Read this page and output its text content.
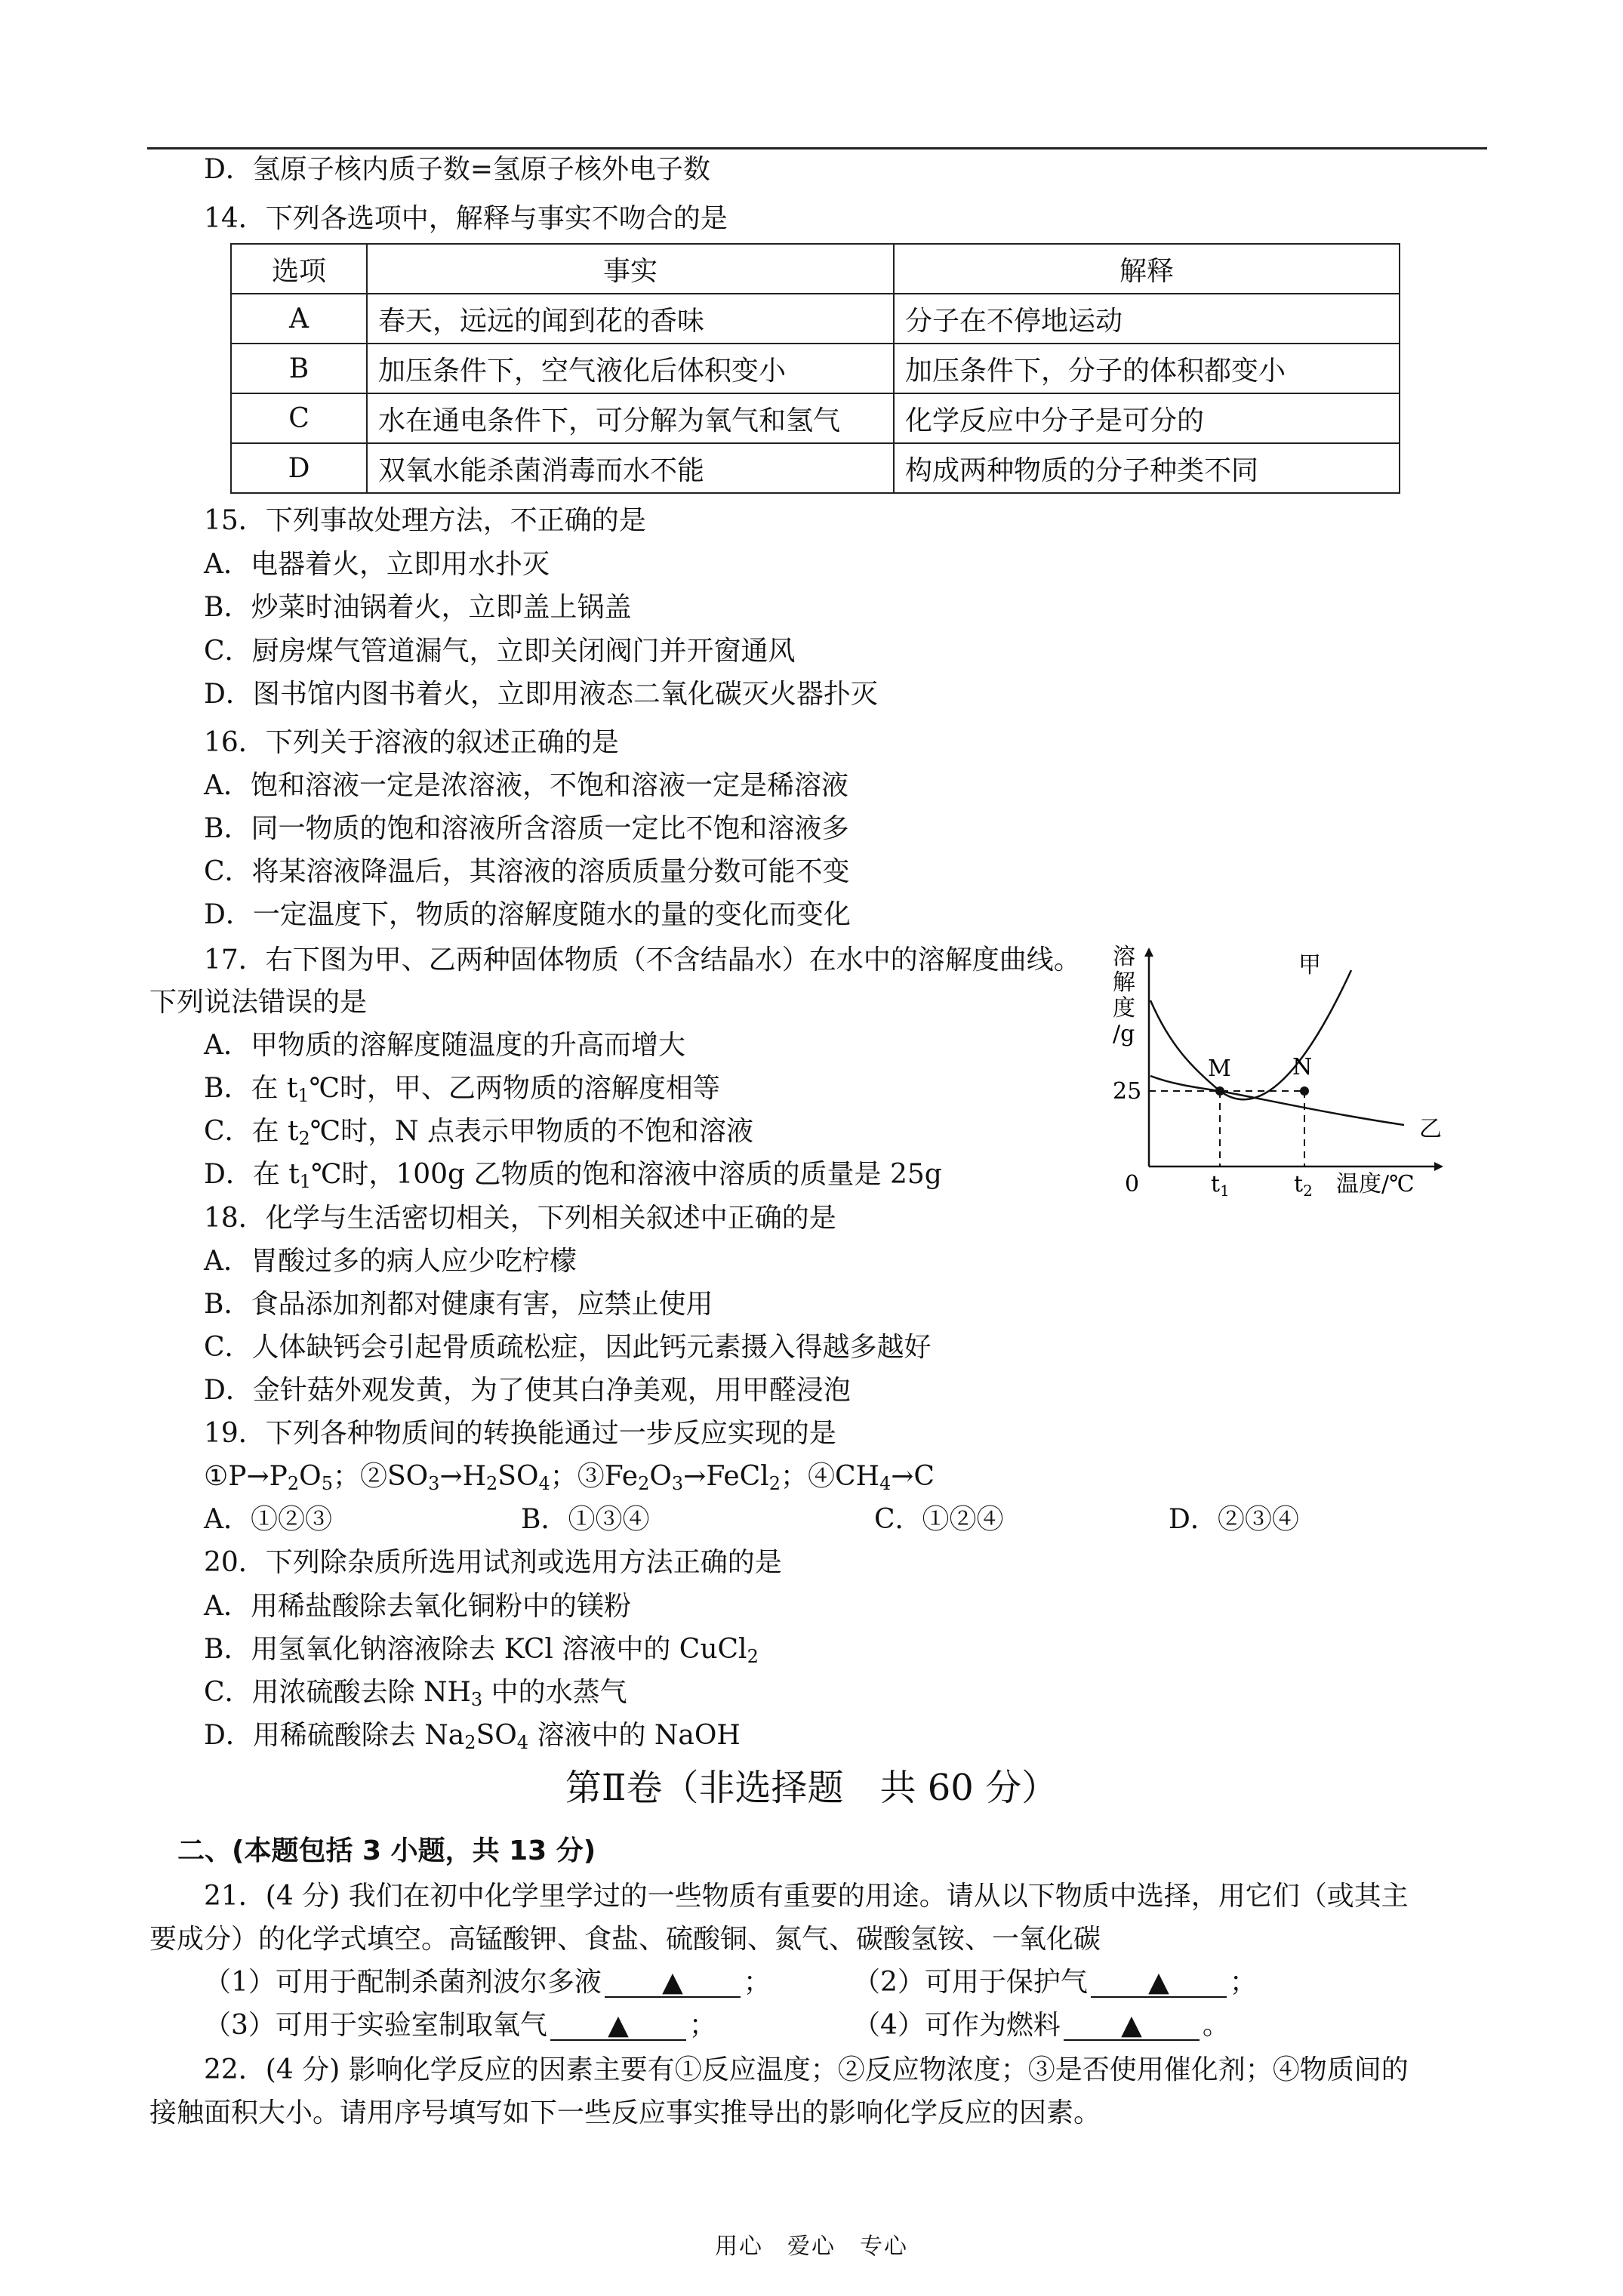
D．氢原子核内质子数=氢原子核外电子数
14．下列各选项中，解释与事实不吻合的是
选项	事实	解释
A	春天，远远的闻到花的香味	分子在不停地运动
B	加压条件下，空气液化后体积变小	加压条件下，分子的体积都变小
C	水在通电条件下，可分解为氧气和氢气	化学反应中分子是可分的
D	双氧水能杀菌消毒而水不能	构成两种物质的分子种类不同
15．下列事故处理方法，不正确的是
A．电器着火，立即用水扑灭
B．炒菜时油锅着火，立即盖上锅盖
C．厨房煤气管道漏气，立即关闭阀门并开窗通风
D．图书馆内图书着火，立即用液态二氧化碳灭火器扑灭
16．下列关于溶液的叙述正确的是
A．饱和溶液一定是浓溶液，不饱和溶液一定是稀溶液
B．同一物质的饱和溶液所含溶质一定比不饱和溶液多
C．将某溶液降温后，其溶液的溶质质量分数可能不变
D．一定温度下，物质的溶解度随水的量的变化而变化
17．右下图为甲、乙两种固体物质（不含结晶水）在水中的溶解度曲线。
下列说法错误的是
A．甲物质的溶解度随温度的升高而增大
B．在 $t_1℃$时，甲、乙两物质的溶解度相等
C．在 $t_2℃$时，N 点表示甲物质的不饱和溶液
D．在 $t_1℃$时，100g 乙物质的饱和溶液中溶质的质量是 25g
溶
解
度
/g
甲
乙
M	N
25
0	$t_1$	$t_2$ 温度/℃
18．化学与生活密切相关，下列相关叙述中正确的是
A．胃酸过多的病人应少吃柠檬
B．食品添加剂都对健康有害，应禁止使用
C．人体缺钙会引起骨质疏松症，因此钙元素摄入得越多越好
D．金针菇外观发黄，为了使其白净美观，用甲醛浸泡
19．下列各种物质间的转换能通过一步反应实现的是
$①P\to P_2O_5$；$②SO_3\to H_2SO_4$；$③Fe_2O_3\to FeCl_2$；$④CH_4\to C$
A．①②③	B．①③④	C．①②④	D．②③④
20．下列除杂质所选用试剂或选用方法正确的是
A．用稀盐酸除去氧化铜粉中的镁粉
B．用氢氧化钠溶液除去 KCl 溶液中的 CuCl$_2$
C．用浓硫酸去除 $NH_3$ 中的水蒸气
D．用稀硫酸除去 $Na_2SO_4$ 溶液中的 NaOH
第Ⅱ卷（非选择题　共 60 分）
二、(本题包括 3 小题，共 13 分)
21．(4 分) 我们在初中化学里学过的一些物质有重要的用途。请从以下物质中选择，用它们（或其主
要成分）的化学式填空。高锰酸钾、食盐、硫酸铜、氮气、碳酸氢铵、一氧化碳
（1）可用于配制杀菌剂波尔多液 ▲ ；	（2）可用于保护气 ▲ ；
（3）可用于实验室制取氧气 ▲ ；	（4）可作为燃料 ▲ 。
22．(4 分) 影响化学反应的因素主要有①反应温度；②反应物浓度；③是否使用催化剂；④物质间的
接触面积大小。请用序号填写如下一些反应事实推导出的影响化学反应的因素。
用心　爱心　专心
